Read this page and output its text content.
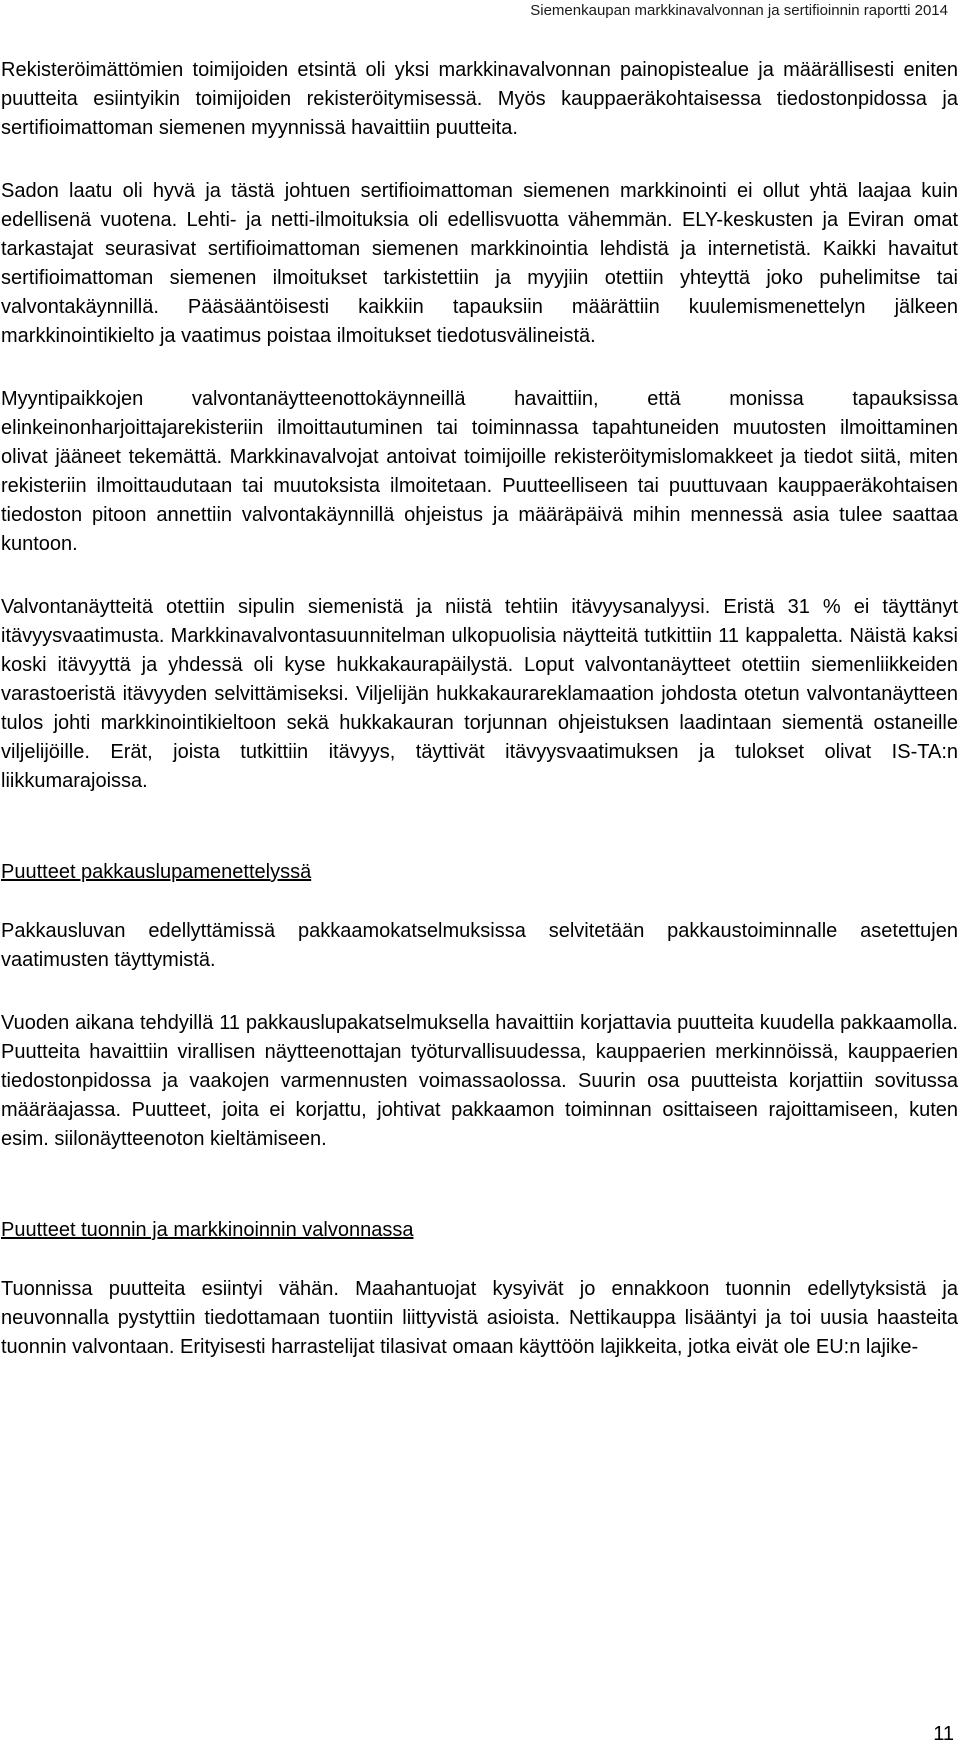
Siemenkaupan markkinavalvonnan ja sertifioinnin raportti 2014

Rekisteröimättömien toimijoiden etsintä oli yksi markkinavalvonnan painopistealue ja määrällisesti eniten puutteita esiintyikin toimijoiden rekisteröitymisessä. Myös kauppaeräkohtaisessa tiedostonpidossa ja sertifioimattoman siemenen myynnissä havaittiin puutteita.

Sadon laatu oli hyvä ja tästä johtuen sertifioimattoman siemenen markkinointi ei ollut yhtä laajaa kuin edellisenä vuotena. Lehti- ja netti-ilmoituksia oli edellisvuotta vähemmän. ELY-keskusten ja Eviran omat tarkastajat seurasivat sertifioimattoman siemenen markkinointia lehdistä ja internetistä. Kaikki havaitut sertifioimattoman siemenen ilmoitukset tarkistettiin ja myyjiin otettiin yhteyttä joko puhelimitse tai valvontakäynnillä. Pääsääntöisesti kaikkiin tapauksiin määrättiin kuulemismenettelyn jälkeen markkinointikielto ja vaatimus poistaa ilmoitukset tiedotusvälineistä.

Myyntipaikkojen valvontanäytteenottokäynneillä havaittiin, että monissa tapauksissa elinkeinonharjoittajarekisteriin ilmoittautuminen tai toiminnassa tapahtuneiden muutosten ilmoittaminen olivat jääneet tekemättä. Markkinavalvojat antoivat toimijoille rekisteröitymislomakkeet ja tiedot siitä, miten rekisteriin ilmoittaudutaan tai muutoksista ilmoitetaan. Puutteelliseen tai puuttuvaan kauppaeräkohtaisen tiedoston pitoon annettiin valvontakäynnillä ohjeistus ja määräpäivä mihin mennessä asia tulee saattaa kuntoon.

Valvontanäytteitä otettiin sipulin siemenistä ja niistä tehtiin itävyysanalyysi. Eristä 31 % ei täyttänyt itävyysvaatimusta. Markkinavalvontasuunnitelman ulkopuolisia näytteitä tutkittiin 11 kappaletta. Näistä kaksi koski itävyyttä ja yhdessä oli kyse hukkakaurapäilystä. Loput valvontanäytteet otettiin siemenliikkeiden varastoeristä itävyyden selvittämiseksi. Viljelijän hukkakaurareklamaation johdosta otetun valvontanäytteen tulos johti markkinointikieltoon sekä hukkakauran torjunnan ohjeistuksen laadintaan siementä ostaneille viljelijöille. Erät, joista tutkittiin itävyys, täyttivät itävyysvaatimuksen ja tulokset olivat IS-TA:n liikkumarajoissa.

Puutteet pakkauslupamenettelyssä

Pakkausluvan edellyttämissä pakkaamokatselmuksissa selvitetään pakkaustoiminnalle asetettujen vaatimusten täyttymistä.

Vuoden aikana tehdyillä 11 pakkauslupakatselmuksella havaittiin korjattavia puutteita kuudella pakkaamolla. Puutteita havaittiin virallisen näytteenottajan työturvallisuudessa, kauppaerien merkinnöissä, kauppaerien tiedostonpidossa ja vaakojen varmennusten voimassaolossa. Suurin osa puutteista korjattiin sovitussa määräajassa. Puutteet, joita ei korjattu, johtivat pakkaamon toiminnan osittaiseen rajoittamiseen, kuten esim. siilonäytteenoton kieltämiseen.

Puutteet tuonnin ja markkinoinnin valvonnassa

Tuonnissa puutteita esiintyi vähän. Maahantuojat kysyivät jo ennakkoon tuonnin edellytyksistä ja neuvonnalla pystyttiin tiedottamaan tuontiin liittyvistä asioista. Nettikauppa lisääntyi ja toi uusia haasteita tuonnin valvontaan. Erityisesti harrastelijat tilasivat omaan käyttöön lajikkeita, jotka eivät ole EU:n lajike-

11
